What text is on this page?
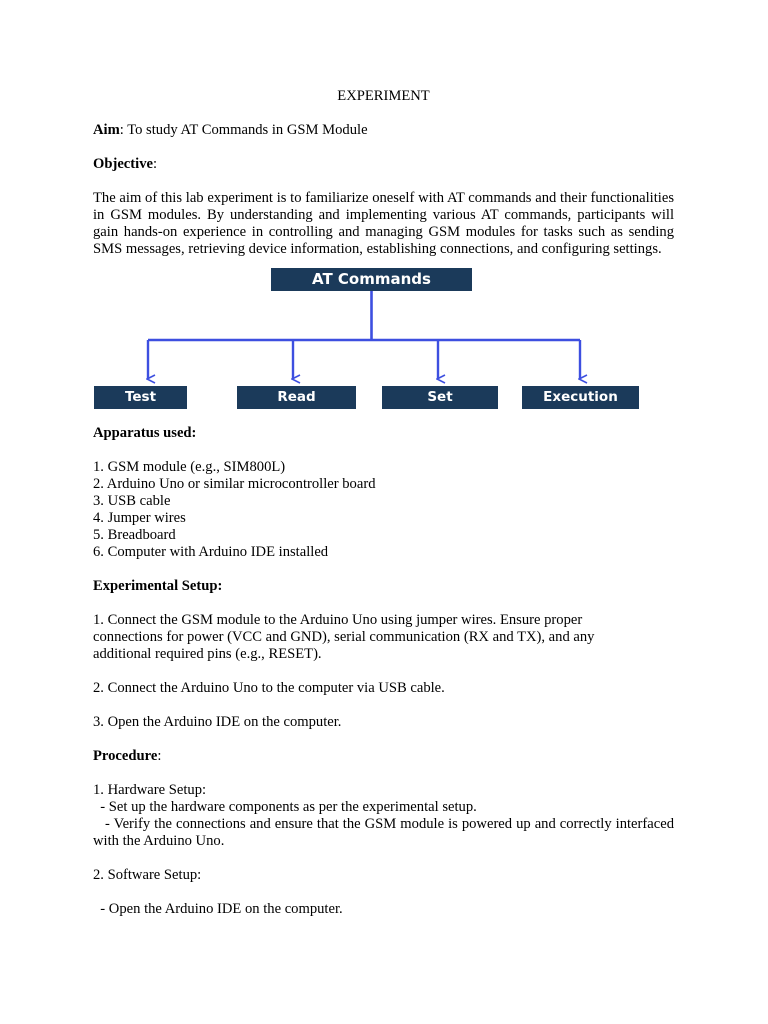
EXPERIMENT
Aim: To study AT Commands in GSM Module
Objective:
The aim of this lab experiment is to familiarize oneself with AT commands and their functionalities in GSM modules. By understanding and implementing various AT commands, participants will gain hands-on experience in controlling and managing GSM modules for tasks such as sending SMS messages, retrieving device information, establishing connections, and configuring settings.
AT Commands
Test	Read	Set	Execution
Apparatus used:
1. GSM module (e.g., SIM800L)
2. Arduino Uno or similar microcontroller board
3. USB cable
4. Jumper wires
5. Breadboard
6. Computer with Arduino IDE installed
Experimental Setup:
1. Connect the GSM module to the Arduino Uno using jumper wires. Ensure proper
connections for power (VCC and GND), serial communication (RX and TX), and any
additional required pins (e.g., RESET).
2. Connect the Arduino Uno to the computer via USB cable.
3. Open the Arduino IDE on the computer.
Procedure:
1. Hardware Setup:
- Set up the hardware components as per the experimental setup.
- Verify the connections and ensure that the GSM module is powered up and correctly interfaced with the Arduino Uno.
2. Software Setup:
- Open the Arduino IDE on the computer.
